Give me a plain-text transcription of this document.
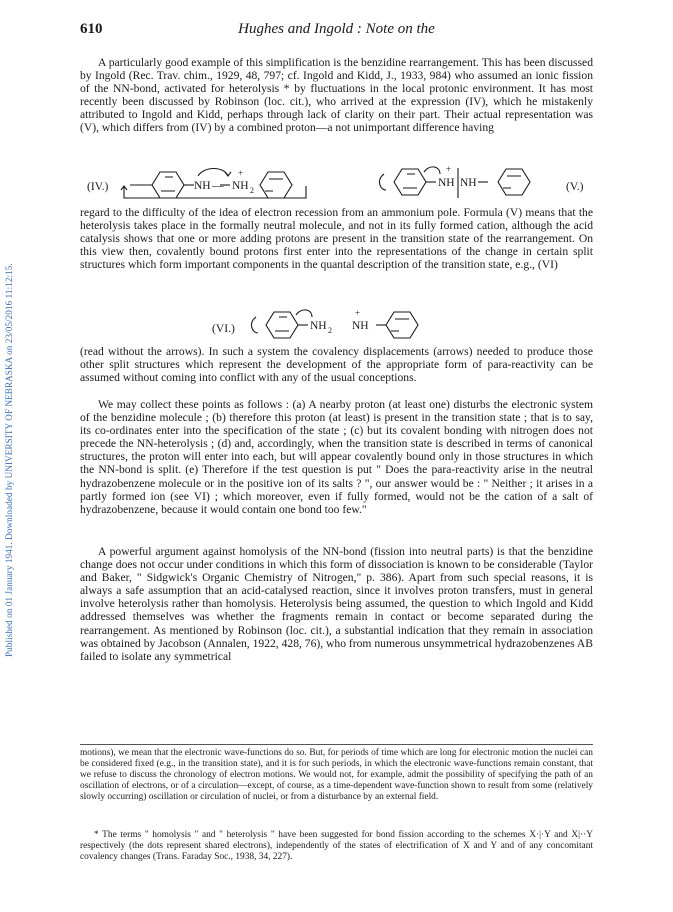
Published on 01 January 1941. Downloaded by UNIVERSITY OF NEBRASKA on 23/05/2016 11:12:15.
610	Hughes and Ingold : Note on the

A particularly good example of this simplification is the benzidine rearrangement. This has been discussed by Ingold (Rec. Trav. chim., 1929, 48, 797; cf. Ingold and Kidd, J., 1933, 984) who assumed an ionic fission of the NN-bond, activated for heterolysis * by fluctuations in the local protonic environment. It has most recently been discussed by Robinson (loc. cit.), who arrived at the expression (IV), which he mistakenly attributed to Ingold and Kidd, perhaps through lack of clarity on their part. Their actual representation was (V), which differs from (IV) by a combined proton—a not unimportant difference having

(IV.)	NH — NH 2
+
NH NH
+
(V.)

regard to the difficulty of the idea of electron recession from an ammonium pole. Formula (V) means that the heterolysis takes place in the formally neutral molecule, and not in its fully formed cation, although the acid catalysis shows that one or more adding protons are present in the transition state of the rearrangement. On this view then, covalently bound protons first enter into the representations of the change in certain split structures which form important components in the quantal description of the transition state, e.g., (VI)

(VI.)	NH 2 NH
+

(read without the arrows). In such a system the covalency displacements (arrows) needed to produce those other split structures which represent the development of the appropriate form of para-reactivity can be assumed without coming into conflict with any of the usual conceptions.

We may collect these points as follows : (a) A nearby proton (at least one) disturbs the electronic system of the benzidine molecule ; (b) therefore this proton (at least) is present in the transition state ; that is to say, its co-ordinates enter into the specification of the state ; (c) but its covalent bonding with nitrogen does not precede the NN-heterolysis ; (d) and, accordingly, when the transition state is described in terms of canonical structures, the proton will enter into each, but will appear covalently bound only in those structures in which the NN-bond is split. (e) Therefore if the test question is put " Does the para-reactivity arise in the neutral hydrazobenzene molecule or in the positive ion of its salts ? ", our answer would be : " Neither ; it arises in a partly formed ion (see VI) ; which moreover, even if fully formed, would not be the cation of a salt of hydrazobenzene, because it would contain one bond too few."

A powerful argument against homolysis of the NN-bond (fission into neutral parts) is that the benzidine change does not occur under conditions in which this form of dissociation is known to be considerable (Taylor and Baker, " Sidgwick's Organic Chemistry of Nitrogen," p. 386). Apart from such special reasons, it is always a safe assumption that an acid-catalysed reaction, since it involves proton transfers, must in general involve heterolysis rather than homolysis. Heterolysis being assumed, the question to which Ingold and Kidd addressed themselves was whether the fragments remain in contact or become separated during the rearrangement. As mentioned by Robinson (loc. cit.), a substantial indication that they remain in association was obtained by Jacobson (Annalen, 1922, 428, 76), who from numerous unsymmetrical hydrazobenzenes AB failed to isolate any symmetrical

motions), we mean that the electronic wave-functions do so. But, for periods of time which are long for electronic motion the nuclei can be considered fixed (e.g., in the transition state), and it is for such periods, in which the electronic wave-functions remain constant, that we refuse to discuss the chronology of electron motions. We would not, for example, admit the possibility of specifying the path of an oscillation of electrons, or of a circulation—except, of course, as a time-dependent wave-function shown to result from some (relatively slowly occurring) oscillation or circulation of nuclei, or from a disturbance by an external field.

* The terms " homolysis " and " heterolysis " have been suggested for bond fission according to the schemes X·|·Y and X|··Y respectively (the dots represent shared electrons), independently of the states of electrification of X and Y and of any concomitant covalency changes (Trans. Faraday Soc., 1938, 34, 227).
